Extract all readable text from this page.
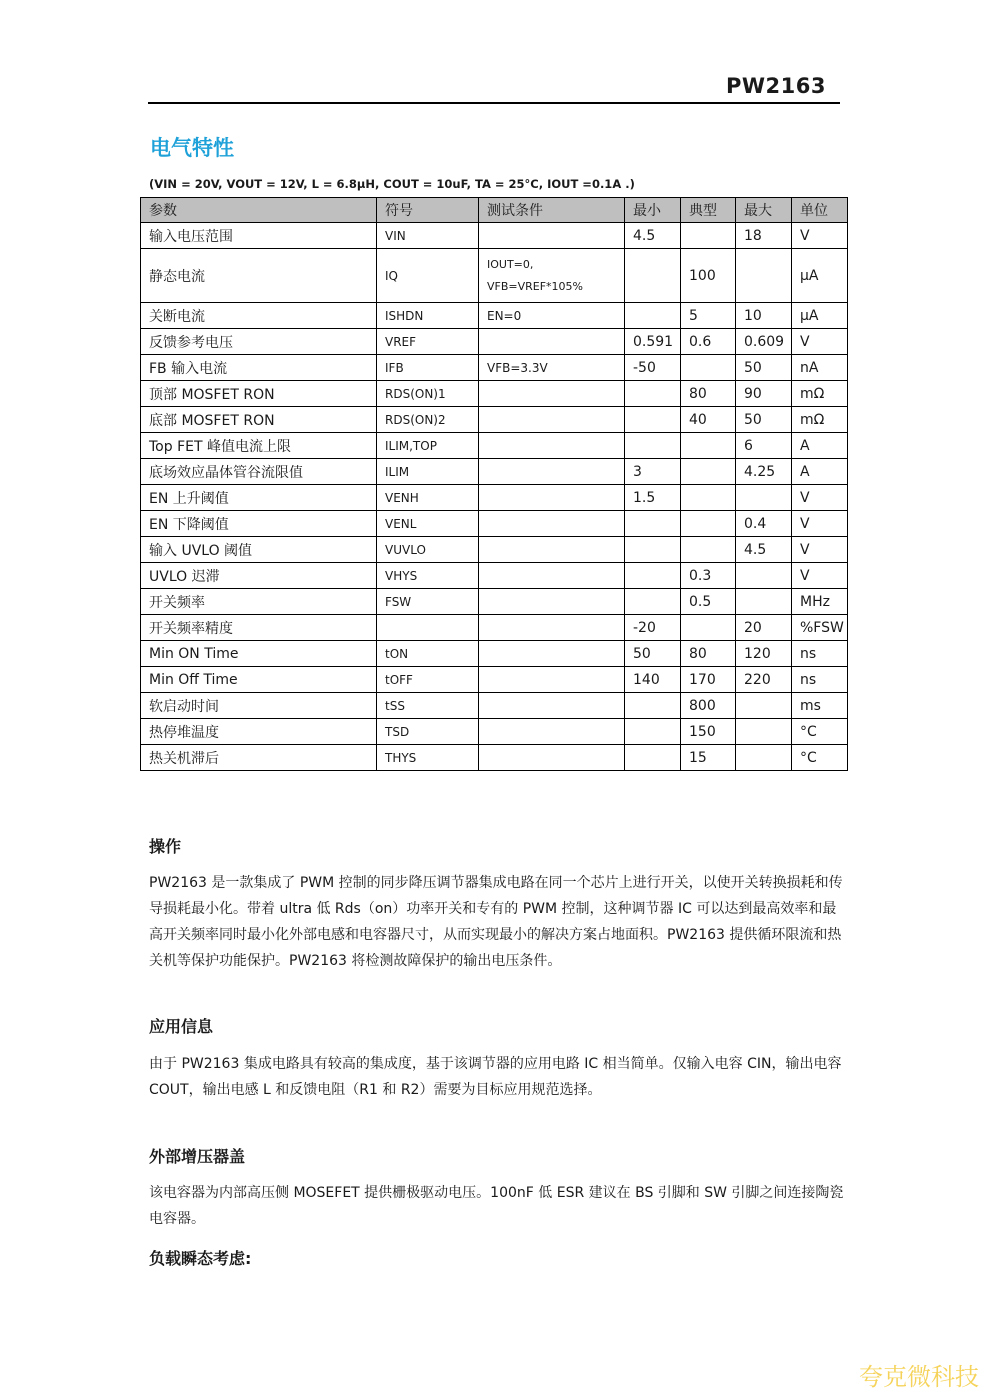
PW2163
电气特性
(VIN = 20V, VOUT = 12V, L = 6.8μH, COUT = 10uF, TA = 25°C, IOUT =0.1A .)
参数	符号	测试条件	最小	典型	最大	单位
输入电压范围	VIN		4.5		18	V
静态电流	IQ	IOUT=0,
VFB=VREF*105%		100		μA
关断电流	ISHDN	EN=0		5	10	μA
反馈参考电压	VREF		0.591	0.6	0.609	V
FB 输入电流	IFB	VFB=3.3V	-50		50	nA
顶部 MOSFET RON	RDS(ON)1			80	90	mΩ
底部 MOSFET RON	RDS(ON)2			40	50	mΩ
Top FET 峰值电流上限	ILIM,TOP				6	A
底场效应晶体管谷流限值	ILIM		3		4.25	A
EN 上升阈值	VENH		1.5			V
EN 下降阈值	VENL				0.4	V
输入 UVLO 阈值	VUVLO				4.5	V
UVLO 迟滞	VHYS			0.3		V
开关频率	FSW			0.5		MHz
开关频率精度			-20		20	%FSW
Min ON Time	tON		50	80	120	ns
Min Off Time	tOFF		140	170	220	ns
软启动时间	tSS			800		ms
热停堆温度	TSD			150		°C
热关机滞后	THYS			15		°C
操作
PW2163 是一款集成了 PWM 控制的同步降压调节器集成电路在同一个芯片上进行开关，以使开关转换损耗和传导损耗最小化。带着 ultra 低 Rds（on）功率开关和专有的 PWM 控制，这种调节器 IC 可以达到最高效率和最高开关频率同时最小化外部电感和电容器尺寸，从而实现最小的解决方案占地面积。PW2163 提供循环限流和热关机等保护功能保护。PW2163 将检测故障保护的输出电压条件。
应用信息
由于 PW2163 集成电路具有较高的集成度，基于该调节器的应用电路 IC 相当简单。仅输入电容 CIN，输出电容 COUT，输出电感 L 和反馈电阻（R1 和 R2）需要为目标应用规范选择。
外部增压器盖
该电容器为内部高压侧 MOSEFET 提供栅极驱动电压。100nF 低 ESR 建议在 BS 引脚和 SW 引脚之间连接陶瓷电容器。
负载瞬态考虑:
夸克微科技
